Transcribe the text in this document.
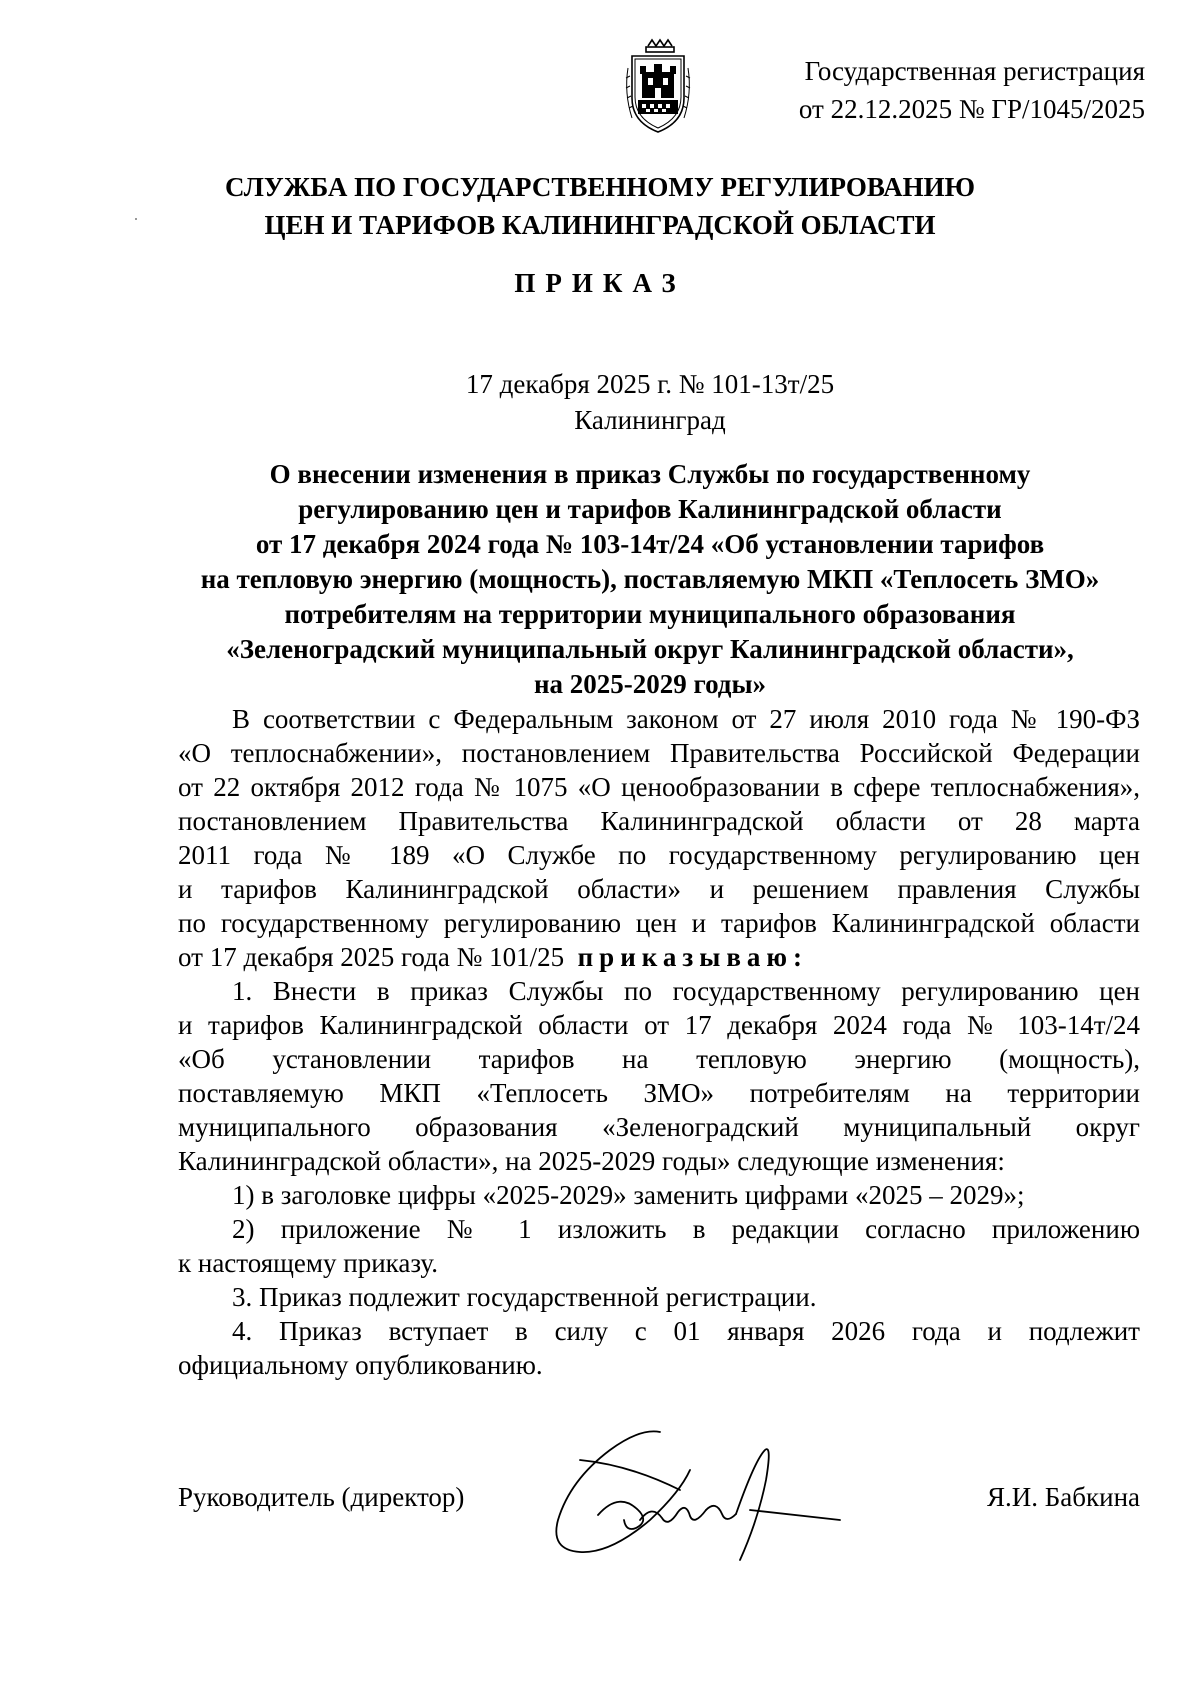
Государственная регистрация
от 22.12.2025 № ГР/1045/2025
СЛУЖБА ПО ГОСУДАРСТВЕННОМУ РЕГУЛИРОВАНИЮ
ЦЕН И ТАРИФОВ КАЛИНИНГРАДСКОЙ ОБЛАСТИ
ПРИКАЗ
17 декабря 2025 г. № 101-13т/25
Калининград
О внесении изменения в приказ Службы по государственному
регулированию цен и тарифов Калининградской области
от 17 декабря 2024 года № 103-14т/24 «Об установлении тарифов
на тепловую энергию (мощность), поставляемую МКП «Теплосеть ЗМО»
потребителям на территории муниципального образования
«Зеленоградский муниципальный округ Калининградской области»,
на 2025-2029 годы»
В соответствии с Федеральным законом от 27 июля 2010 года № 190-ФЗ
«О теплоснабжении», постановлением Правительства Российской Федерации
от 22 октября 2012 года № 1075 «О ценообразовании в сфере теплоснабжения»,
постановлением Правительства Калининградской области от 28 марта
2011 года № 189 «О Службе по государственному регулированию цен
и тарифов Калининградской области» и решением правления Службы
по государственному регулированию цен и тарифов Калининградской области
от 17 декабря 2025 года № 101/25 приказываю:
1. Внести в приказ Службы по государственному регулированию цен
и тарифов Калининградской области от 17 декабря 2024 года № 103-14т/24
«Об установлении тарифов на тепловую энергию (мощность),
поставляемую МКП «Теплосеть ЗМО» потребителям на территории
муниципального образования «Зеленоградский муниципальный округ
Калининградской области», на 2025-2029 годы» следующие изменения:
1) в заголовке цифры «2025-2029» заменить цифрами «2025 – 2029»;
2) приложение № 1 изложить в редакции согласно приложению
к настоящему приказу.
3. Приказ подлежит государственной регистрации.
4. Приказ вступает в силу с 01 января 2026 года и подлежит
официальному опубликованию.
Руководитель (директор)	Я.И. Бабкина
